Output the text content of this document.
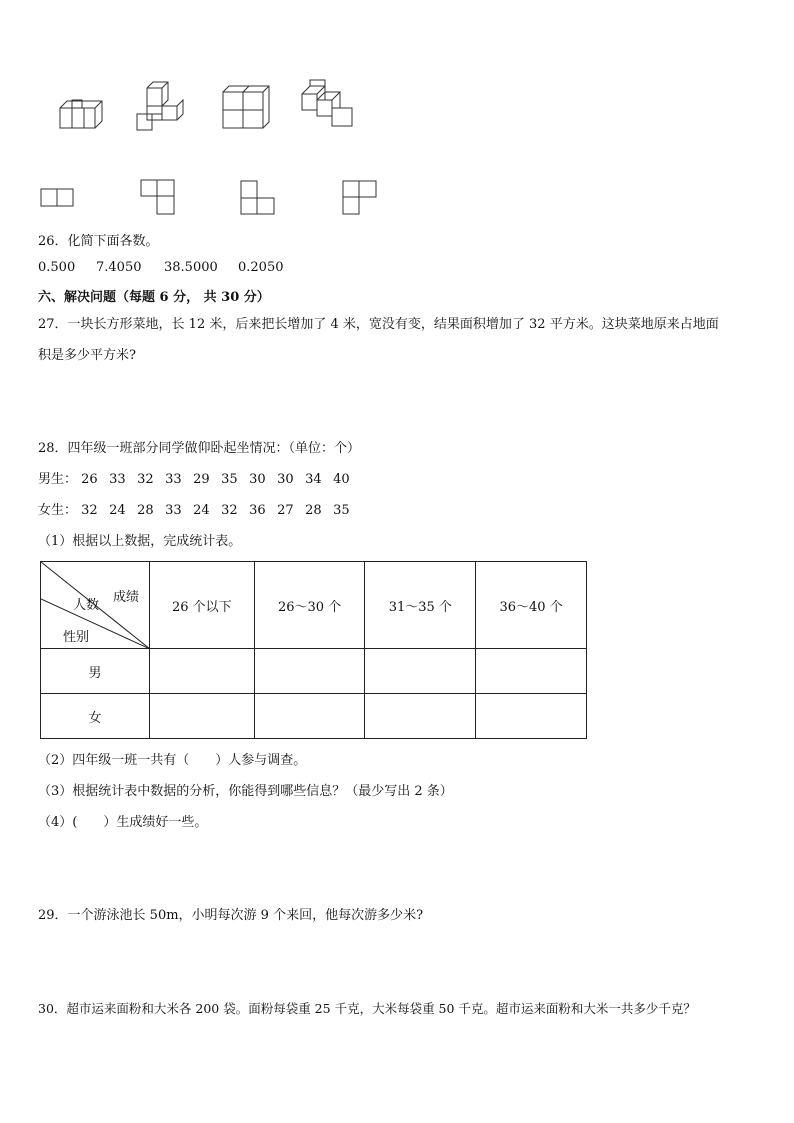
26．化简下面各数。
0.500 7.4050 38.5000 0.2050
六、解决问题（每题 6 分， 共 30 分）
27．一块长方形菜地，长 12 米，后来把长增加了 4 米，宽没有变，结果面积增加了 32 平方米。这块菜地原来占地面
积是多少平方米?
28．四年级一班部分同学做仰卧起坐情况：（单位：个）
男生： 26 33 32 33 29 35 30 30 34 40
女生： 32 24 28 33 24 32 36 27 28 35
（1）根据以上数据，完成统计表。
成绩
人数
性别	26 个以下	26～30 个	31～35 个	36～40 个
男				
女				
（2）四年级一班一共有（　　）人参与调查。
（3）根据统计表中数据的分析，你能得到哪些信息？（最少写出 2 条）
（4）(　　）生成绩好一些。
29．一个游泳池长 50m，小明每次游 9 个来回，他每次游多少米?
30．超市运来面粉和大米各 200 袋。面粉每袋重 25 千克，大米每袋重 50 千克。超市运来面粉和大米一共多少千克？
